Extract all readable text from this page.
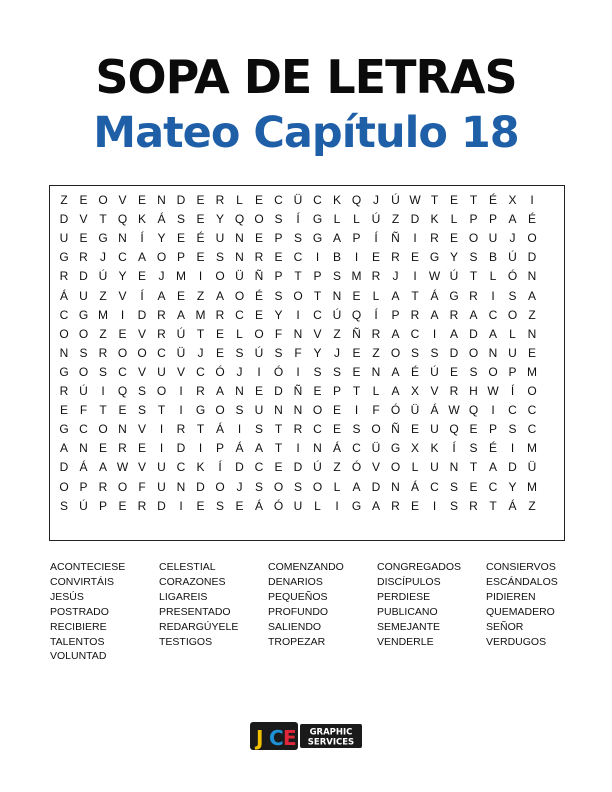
SOPA DE LETRAS
Mateo Capítulo 18
Z E O V E N D E R L	E C Ü C K Q J	Ú W T E T É X	I
D V T Q K Á S E Y Q O S	Í	G L	L Ú Z D K	L	P P A É
U E G N	Í	Y E É U N E P S G A P	Í	Ñ	I	R E O U	J O
G R	J	C A O P E S N R E C	I	B	I	E R E G Y S B Ú D
R D Ú Y E	J M	I	O Ü Ñ P T P S M R	J	I	W Ú T	L Ó N
Á U Z V	Í	A E Z A O É S O T N E	L	A T Á G R	I	S A
C G M	I	D R A M R C E Y	I	C Ú Q	Í	P R A R A C O Z
O O Z E V R Ú T E	L O F N V Z Ñ R A C	I	A D A	L N
N S R O O C Ü	J	E S Ú S F Y	J	E Z O S S D O N U E
G O S C V U V C Ó J	I	Ó	I	S S E N A É Ú E S O P M
R Ú	I	Q S O	I	R A N E D Ñ E P T	L	A X V R H W	Í	O
E F	T E S T	I	G O S U N N O E	I	F Ó Ü Á W Q	I	C C
G C O N V	I	R T Á	I	S T R C E S O Ñ E U Q E P S C
A N E R E	I	D	I	P Á A T	I	N Á C Ü G X K	Í	S É	I	M
D Á A W V U C K	Í	D C E D Ú Z Ó V O L U N T A D Ü
O P R O F U N D O J	S O S O L	A D N Á C S E C Y M
S Ú P E R D	I	E S E Á Ó U L	I	G A R E	I	S R T Á Z
ACONTECIESE	CELESTIAL	COMENZANDO	CONGREGADOS CONSIERVOS
CONVIRTÁIS	CORAZONES	DENARIOS	DISCÍPULOS	ESCÁNDALOS
JESÚS	LIGAREIS	PEQUEÑOS	PERDIESE	PIDIEREN
POSTRADO	PRESENTADO	PROFUNDO	PUBLICANO	QUEMADERO
RECIBIERE	REDARGÚYELE	SALIENDO	SEMEJANTE	SEÑOR
TALENTOS	TESTIGOS	TROPEZAR	VENDERLE	VERDUGOS
VOLUNTAD
J C E GRAPHIC
SERVICES
